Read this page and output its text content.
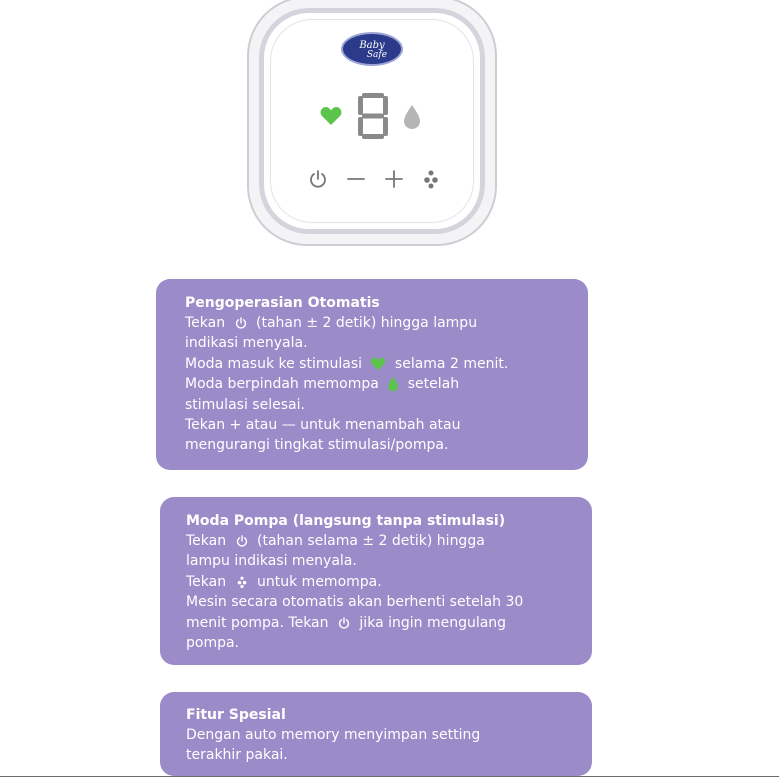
Baby
Safe
Pengoperasian Otomatis
Tekan (tahan ± 2 detik) hingga lampu
indikasi menyala.
Moda masuk ke stimulasi selama 2 menit.
Moda berpindah memompa setelah
stimulasi selesai.
Tekan + atau — untuk menambah atau
mengurangi tingkat stimulasi/pompa.
Moda Pompa (langsung tanpa stimulasi)
Tekan (tahan selama ± 2 detik) hingga
lampu indikasi menyala.
Tekan untuk memompa.
Mesin secara otomatis akan berhenti setelah 30
menit pompa. Tekan jika ingin mengulang
pompa.
Fitur Spesial
Dengan auto memory menyimpan setting
terakhir pakai.
